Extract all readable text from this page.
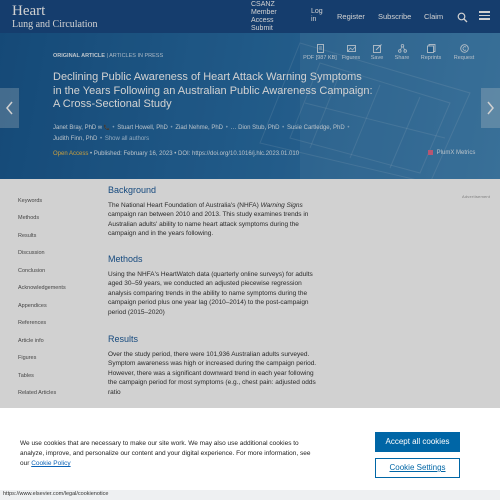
Heart
Lung and Circulation
CSANZ Member Access Submit
Log in	Register Subscribe Claim
ORIGINAL ARTICLE | ARTICLES IN PRESS	PDF [987 KB] Figures	Save	Share	Reprints	Request
Declining Public Awareness of Heart Attack Warning Symptoms in the Years Following an Australian Public Awareness Campaign: A Cross-Sectional Study
Janet Bray, PhD ✉ 📞 • Stuart Howell, PhD • Ziad Nehme, PhD • … Dion Stub, PhD • Susie Cartledge, PhD •
Judith Finn, PhD • Show all authors
Open Access • Published: February 16, 2023 • DOI: https://doi.org/10.1016/j.hlc.2023.01.010	PlumX Metrics
Keywords
Methods
Results
Discussion
Conclusion
Acknowledgements
Appendices
References
Article info
Figures
Tables
Related Articles
Advertisement
Background

The National Heart Foundation of Australia's (NHFA) Warning Signs campaign ran between 2010 and 2013. This study examines trends in Australian adults' ability to name heart attack symptoms during the campaign and in the years following.

Methods

Using the NHFA's HeartWatch data (quarterly online surveys) for adults aged 30–59 years, we conducted an adjusted piecewise regression analysis comparing trends in the ability to name symptoms during the campaign period plus one year lag (2010–2014) to the post-campaign period (2015–2020)

Results

Over the study period, there were 101,936 Australian adults surveyed. Symptom awareness was high or increased during the campaign period. However, there was a significant downward trend in each year following the campaign period for most symptoms (e.g., chest pain: adjusted odds ratio

We use cookies that are necessary to make our site work. We may also use additional cookies to analyze, improve, and personalize our content and your digital experience. For more information, see our Cookie Policy
Accept all cookies
Cookie Settings
https://www.elsevier.com/legal/cookienotice
